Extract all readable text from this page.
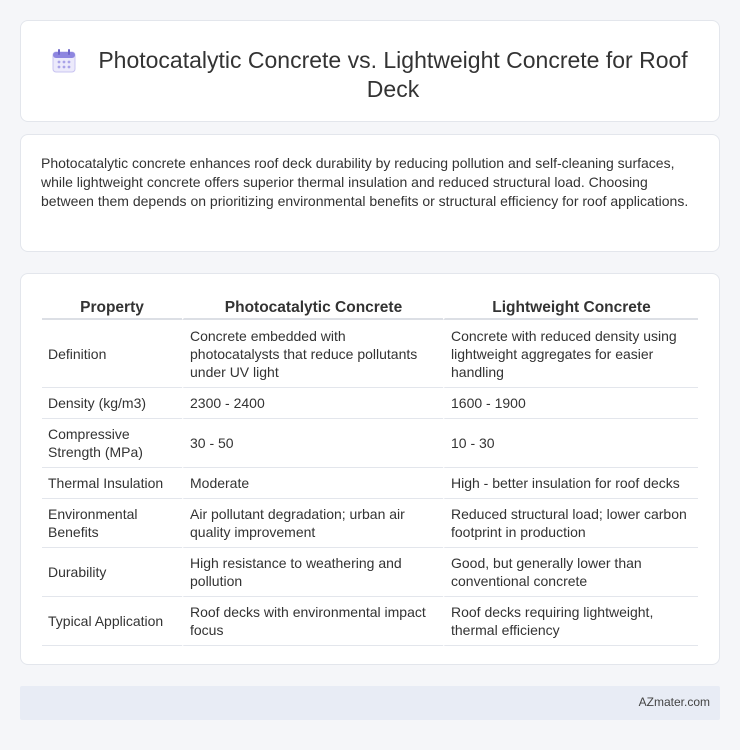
Photocatalytic Concrete vs. Lightweight Concrete for Roof Deck

Photocatalytic concrete enhances roof deck durability by reducing pollution and self-cleaning surfaces, while lightweight concrete offers superior thermal insulation and reduced structural load. Choosing between them depends on prioritizing environmental benefits or structural efficiency for roof applications.

Property	Photocatalytic Concrete	Lightweight Concrete
Definition	Concrete embedded with photocatalysts that reduce pollutants under UV light	Concrete with reduced density using lightweight aggregates for easier handling
Density (kg/m3)	2300 - 2400	1600 - 1900
Compressive Strength (MPa)	30 - 50	10 - 30
Thermal Insulation	Moderate	High - better insulation for roof decks
Environmental Benefits	Air pollutant degradation; urban air quality improvement	Reduced structural load; lower carbon footprint in production
Durability	High resistance to weathering and pollution	Good, but generally lower than conventional concrete
Typical Application	Roof decks with environmental impact focus	Roof decks requiring lightweight, thermal efficiency
AZmater.com
